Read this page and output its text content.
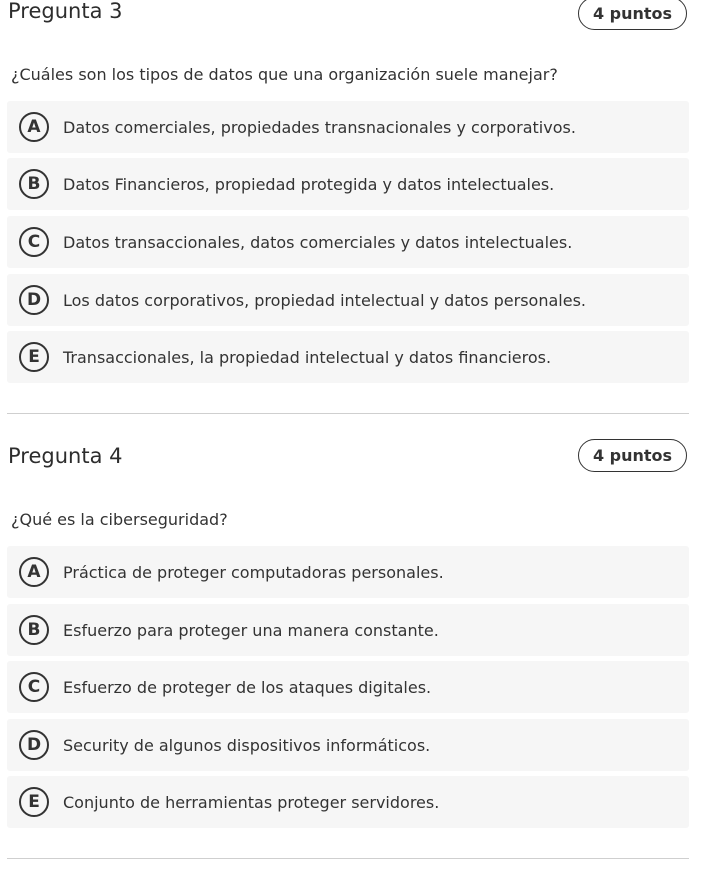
Pregunta 3	4 puntos
¿Cuáles son los tipos de datos que una organización suele manejar?
A	Datos comerciales, propiedades transnacionales y corporativos.
B	Datos Financieros, propiedad protegida y datos intelectuales.
C	Datos transaccionales, datos comerciales y datos intelectuales.
D	Los datos corporativos, propiedad intelectual y datos personales.
E	Transaccionales, la propiedad intelectual y datos financieros.
Pregunta 4	4 puntos
¿Qué es la ciberseguridad?
A	Práctica de proteger computadoras personales.
B	Esfuerzo para proteger una manera constante.
C	Esfuerzo de proteger de los ataques digitales.
D	Security de algunos dispositivos informáticos.
E	Conjunto de herramientas proteger servidores.
